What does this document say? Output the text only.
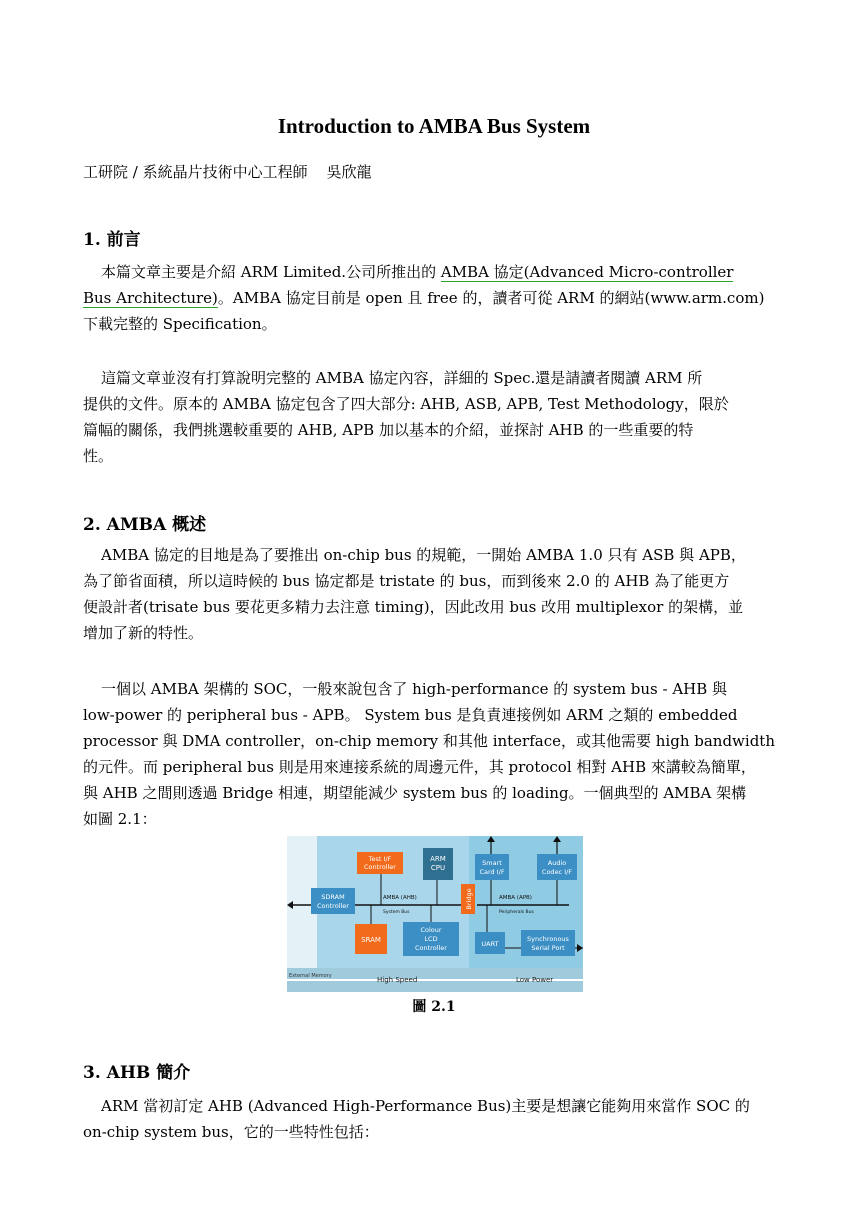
Introduction to AMBA Bus System
工研院 / 系統晶片技術中心工程師    吳欣龍
1. 前言
本篇文章主要是介紹 ARM Limited.公司所推出的 AMBA 協定(Advanced Micro-controller
Bus Architecture)。AMBA 協定目前是 open 且 free 的，讀者可從 ARM 的網站(www.arm.com)
下載完整的 Specification。
這篇文章並沒有打算說明完整的 AMBA 協定內容，詳細的 Spec.還是請讀者閱讀 ARM 所
提供的文件。原本的 AMBA 協定包含了四大部分: AHB, ASB, APB, Test Methodology，限於
篇幅的關係，我們挑選較重要的 AHB, APB 加以基本的介紹，並探討 AHB 的一些重要的特
性。
2. AMBA 概述
AMBA 協定的目地是為了要推出 on-chip bus 的規範，一開始 AMBA 1.0 只有 ASB 與 APB，
為了節省面積，所以這時候的 bus 協定都是 tristate 的 bus，而到後來 2.0 的 AHB 為了能更方
便設計者(trisate bus 要花更多精力去注意 timing)，因此改用 bus 改用 multiplexor 的架構，並
增加了新的特性。
一個以 AMBA 架構的 SOC，一般來說包含了 high-performance 的 system bus - AHB 與
low-power 的 peripheral bus - APB。 System bus 是負責連接例如 ARM 之類的 embedded
processor 與 DMA controller，on-chip memory 和其他 interface，或其他需要 high bandwidth
的元件。而 peripheral bus 則是用來連接系統的周邊元件，其 protocol 相對 AHB 來講較為簡單，
與 AHB 之間則透過 Bridge 相連，期望能減少 system bus 的 loading。一個典型的 AMBA 架構
如圖 2.1：
External Memory	High Speed	Low Power
Test I/F
Controller
ARM
CPU
Smart
Card I/F
Audio
Codec I/F
SDRAM
Controller	Bridge
AMBA (AHB)
System Bus
AMBA (APB)
Peripherals Bus
SRAM
Colour
LCD
Controller	UART
Synchronous
Serial Port
圖 2.1
3. AHB 簡介
ARM 當初訂定 AHB (Advanced High-Performance Bus)主要是想讓它能夠用來當作 SOC 的
on-chip system bus，它的一些特性包括：
